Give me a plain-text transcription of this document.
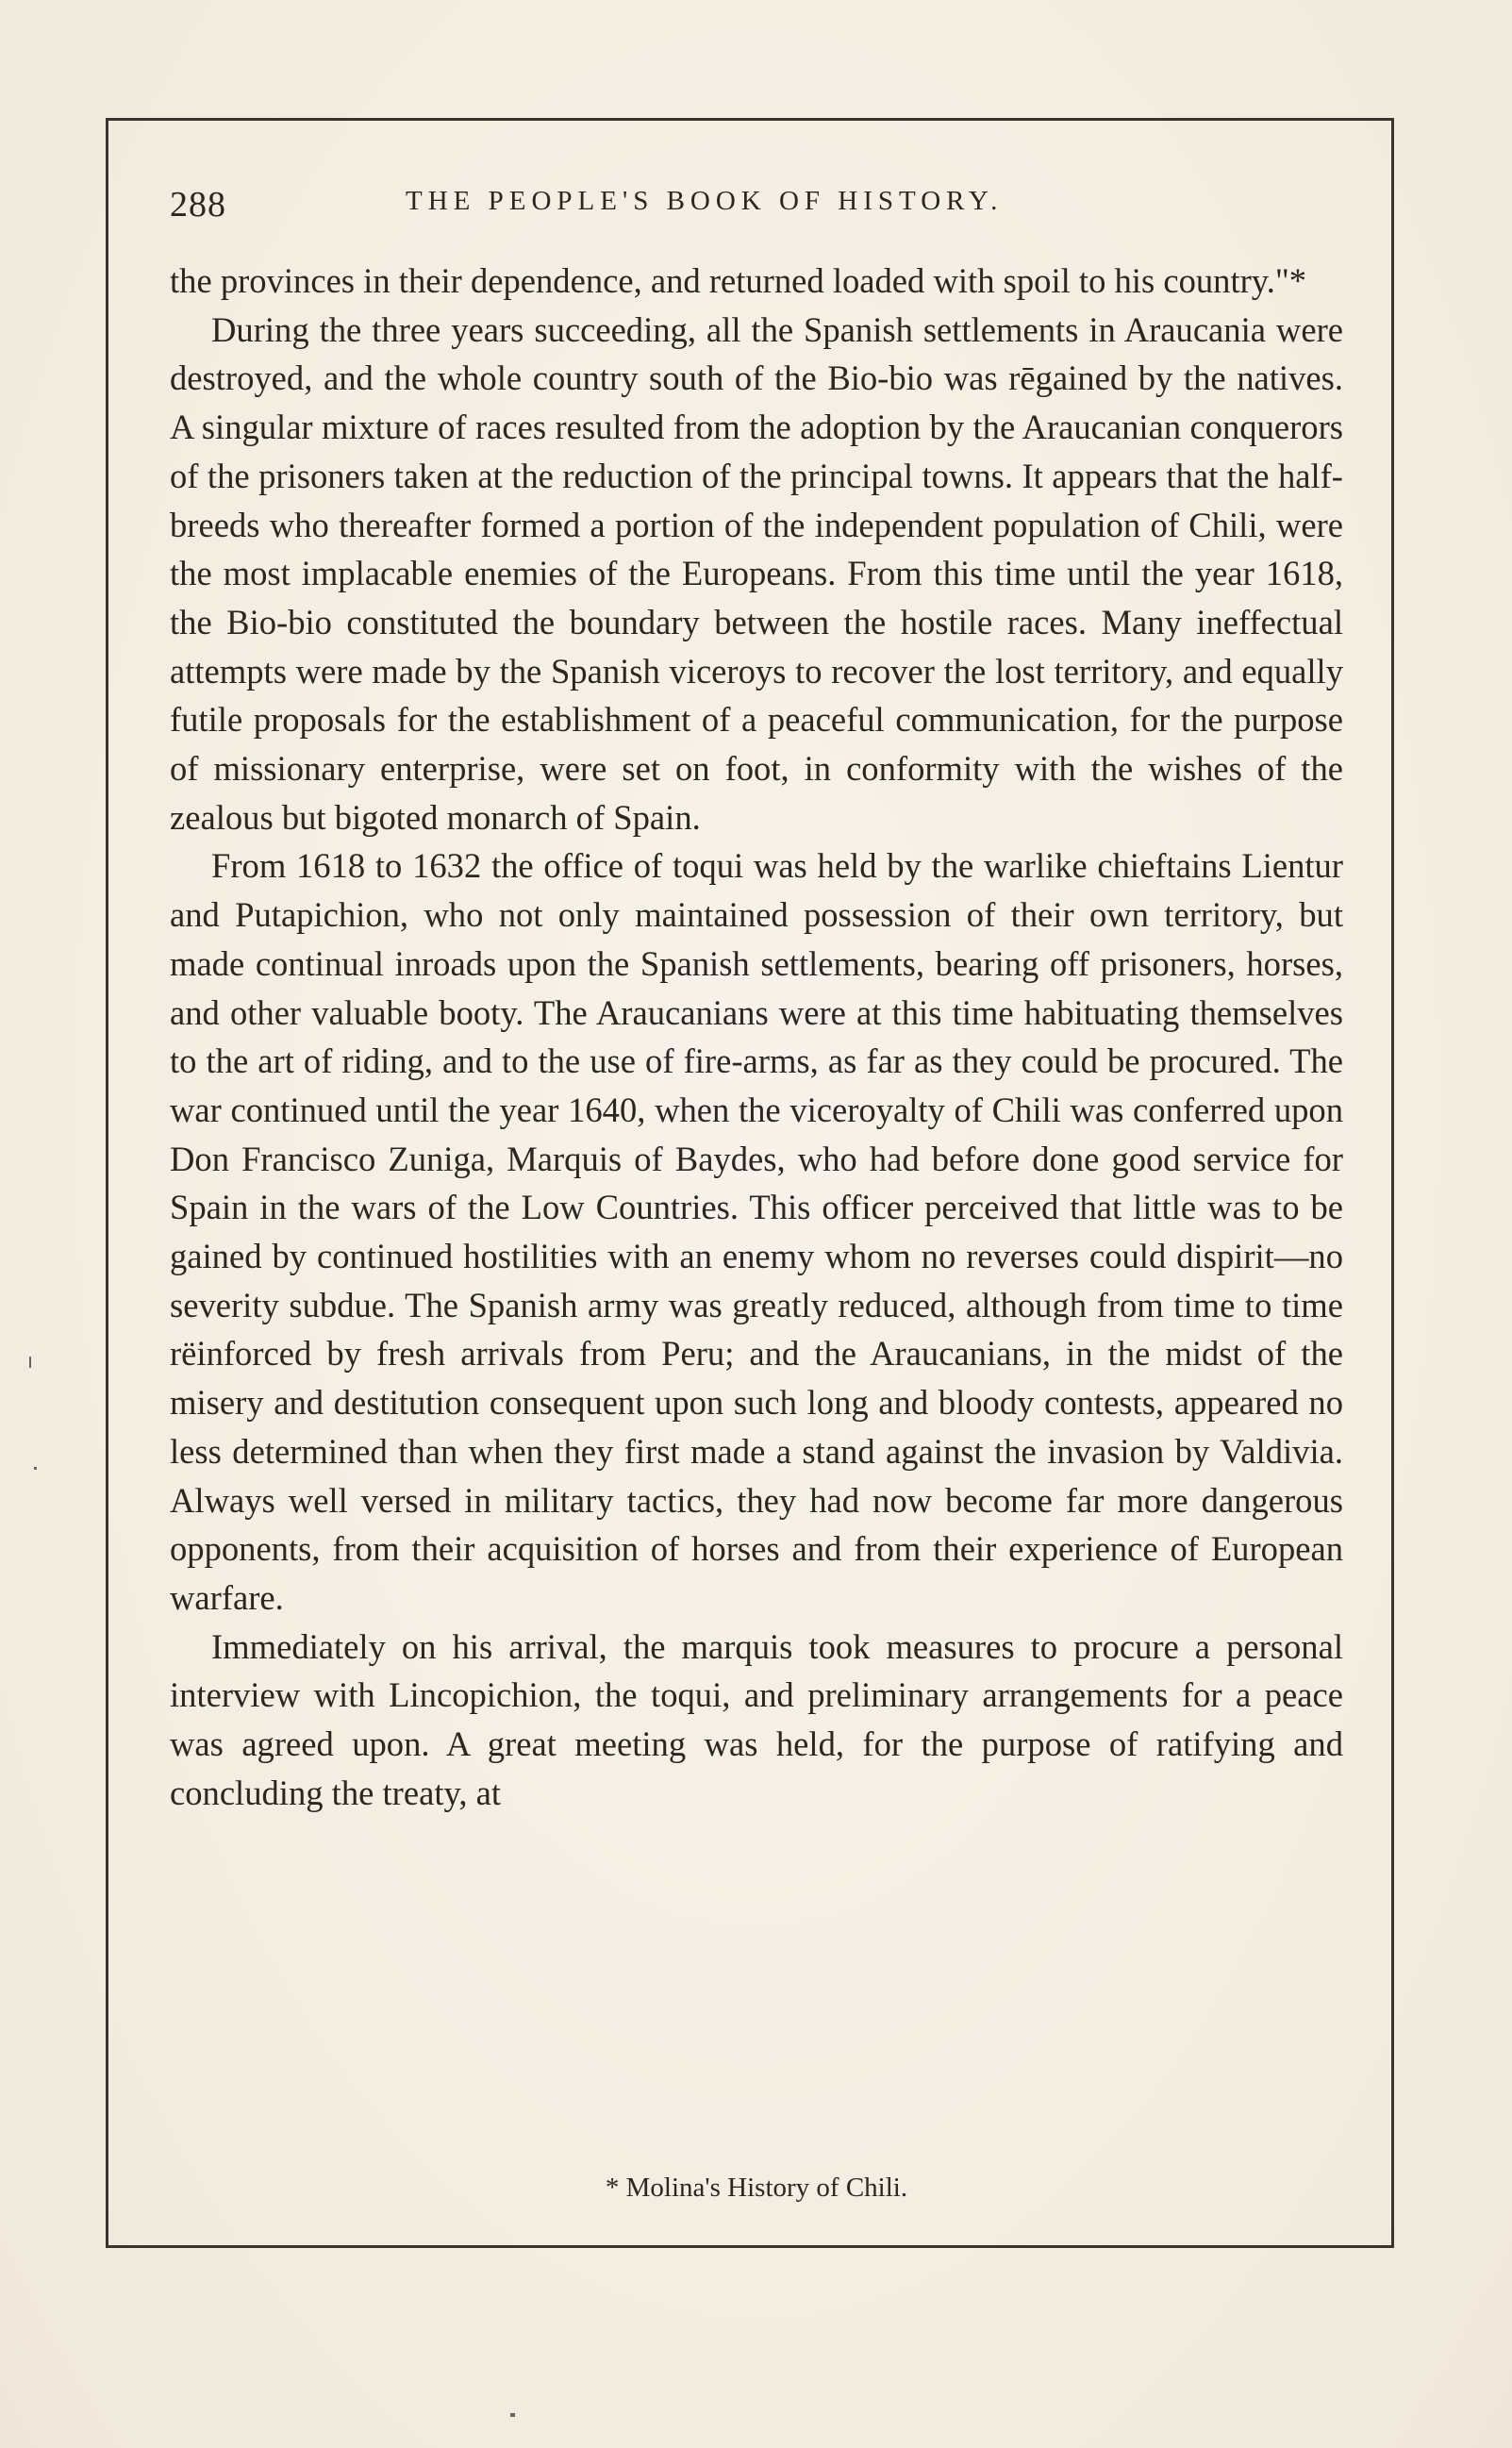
288	THE PEOPLE'S BOOK OF HISTORY.

the provinces in their dependence, and returned loaded with spoil to his country."*

During the three years succeeding, all the Spanish settlements in Araucania were destroyed, and the whole country south of the Bio-bio was rēgained by the natives. A singular mixture of races resulted from the adoption by the Araucanian conquerors of the prisoners taken at the reduction of the principal towns. It appears that the half-breeds who thereafter formed a portion of the independent population of Chili, were the most implacable enemies of the Europeans. From this time until the year 1618, the Bio-bio constituted the boundary between the hostile races. Many ineffectual attempts were made by the Spanish viceroys to recover the lost territory, and equally futile proposals for the establishment of a peaceful communication, for the purpose of missionary enterprise, were set on foot, in conformity with the wishes of the zealous but bigoted monarch of Spain.

From 1618 to 1632 the office of toqui was held by the warlike chieftains Lientur and Putapichion, who not only maintained possession of their own territory, but made continual inroads upon the Spanish settlements, bearing off prisoners, horses, and other valuable booty. The Araucanians were at this time habituating themselves to the art of riding, and to the use of fire-arms, as far as they could be procured. The war continued until the year 1640, when the viceroyalty of Chili was conferred upon Don Francisco Zuniga, Marquis of Baydes, who had before done good service for Spain in the wars of the Low Countries. This officer perceived that little was to be gained by continued hostilities with an enemy whom no reverses could dispirit—no severity subdue. The Spanish army was greatly reduced, although from time to time rëinforced by fresh arrivals from Peru; and the Araucanians, in the midst of the misery and destitution consequent upon such long and bloody contests, appeared no less determined than when they first made a stand against the invasion by Valdivia. Always well versed in military tactics, they had now become far more dangerous opponents, from their acquisition of horses and from their experience of European warfare.

Immediately on his arrival, the marquis took measures to procure a personal interview with Lincopichion, the toqui, and preliminary arrangements for a peace was agreed upon. A great meeting was held, for the purpose of ratifying and concluding the treaty, at

* Molina's History of Chili.
